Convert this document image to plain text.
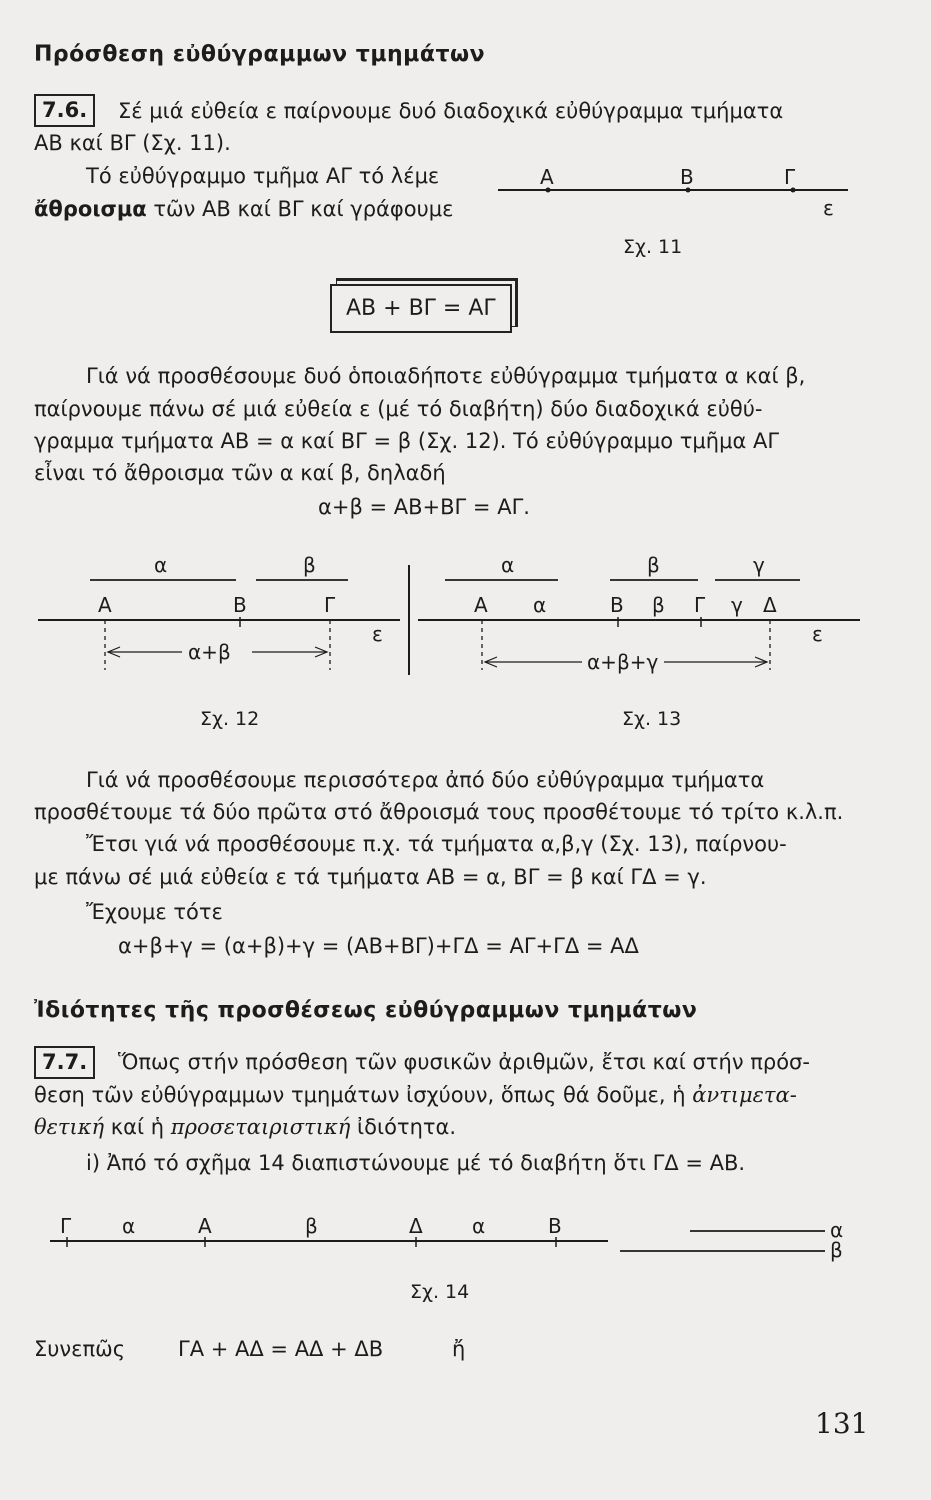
Πρόσθεση εὐθύγραμμων τμημάτων
7.6.	Σέ μιά εὐθεία ε παίρνουμε δυό διαδοχικά εὐθύγραμμα τμήματα
ΑΒ καί ΒΓ (Σχ. 11).
Τό εὐθύγραμμο τμῆμα ΑΓ τό λέμε
ἄθροισμα τῶν ΑΒ καί ΒΓ καί γράφουμε
Α	Β	Γ
ε
Σχ. 11
ΑΒ + ΒΓ = ΑΓ
Γιά νά προσθέσουμε δυό ὁποιαδήποτε εὐθύγραμμα τμήματα α καί β,
παίρνουμε πάνω σέ μιά εὐθεία ε (μέ τό διαβήτη) δύο διαδοχικά εὐθύ-
γραμμα τμήματα ΑΒ = α καί ΒΓ = β (Σχ. 12). Τό εὐθύγραμμο τμῆμα ΑΓ
εἶναι τό ἄθροισμα τῶν α καί β, δηλαδή
α+β = ΑΒ+ΒΓ = ΑΓ.
α	β
Α	Β	Γ
ε
α+β
Σχ. 12
α	β	γ
Α α	Β β Γ γ Δ
ε
α+β+γ
Σχ. 13
Γιά νά προσθέσουμε περισσότερα ἀπό δύο εὐθύγραμμα τμήματα
προσθέτουμε τά δύο πρῶτα στό ἄθροισμά τους προσθέτουμε τό τρίτο κ.λ.π.
Ἔτσι γιά νά προσθέσουμε π.χ. τά τμήματα α,β,γ (Σχ. 13), παίρνου-
με πάνω σέ μιά εὐθεία ε τά τμήματα ΑΒ = α, ΒΓ = β καί ΓΔ = γ.
Ἔχουμε τότε
α+β+γ = (α+β)+γ = (ΑΒ+ΒΓ)+ΓΔ = ΑΓ+ΓΔ = ΑΔ
Ἰδιότητες τῆς προσθέσεως εὐθύγραμμων τμημάτων
7.7.	Ὅπως στήν πρόσθεση τῶν φυσικῶν ἀριθμῶν, ἔτσι καί στήν πρόσ-
θεση τῶν εὐθύγραμμων τμημάτων ἰσχύουν, ὅπως θά δοῦμε, ἡ ἀντιμετα-
θετική καί ἡ προσεταιριστική ἰδιότητα.
i) Ἀπό τό σχῆμα 14 διαπιστώνουμε μέ τό διαβήτη ὅτι ΓΔ = ΑΒ.
Γ	α	Α	β	Δ α	Β	α
β
Σχ. 14
Συνεπῶς	ΓΑ + ΑΔ = ΑΔ + ΔΒ	ἤ
131
